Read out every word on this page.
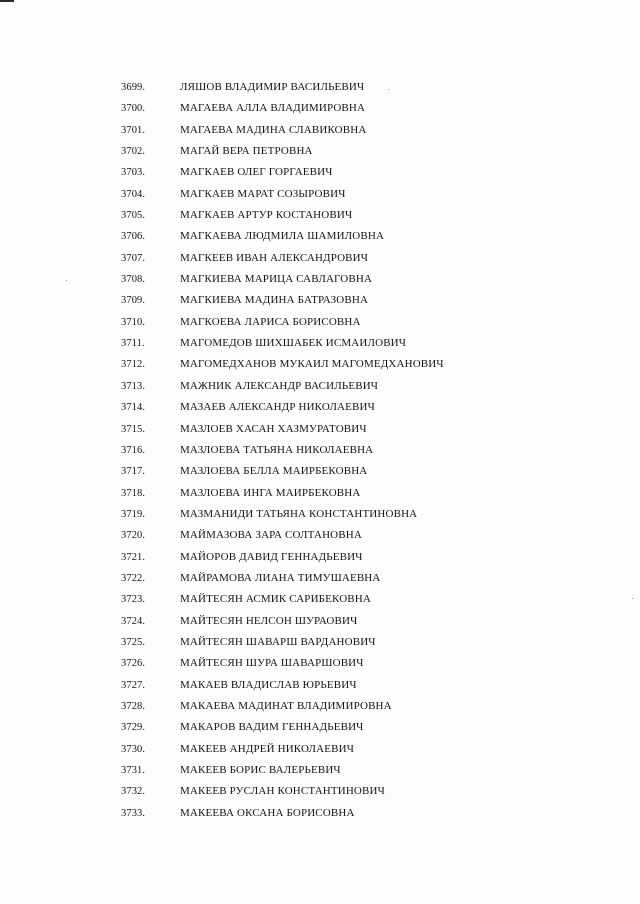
3699.	ЛЯШОВ ВЛАДИМИР ВАСИЛЬЕВИЧ
3700.	МАГАЕВА АЛЛА ВЛАДИМИРОВНА
3701.	МАГАЕВА МАДИНА СЛАВИКОВНА
3702.	МАГАЙ ВЕРА ПЕТРОВНА
3703.	МАГКАЕВ ОЛЕГ ГОРГАЕВИЧ
3704.	МАГКАЕВ МАРАТ СОЗЫРОВИЧ
3705.	МАГКАЕВ АРТУР КОСТАНОВИЧ
3706.	МАГКАЕВА ЛЮДМИЛА ШАМИЛОВНА
3707.	МАГКЕЕВ ИВАН АЛЕКСАНДРОВИЧ
3708.	МАГКИЕВА МАРИЦА САВЛАГОВНА
3709.	МАГКИЕВА МАДИНА БАТРАЗОВНА
3710.	МАГКОЕВА ЛАРИСА БОРИСОВНА
3711.	МАГОМЕДОВ ШИХШАБЕК ИСМАИЛОВИЧ
3712.	МАГОМЕДХАНОВ МУКАИЛ МАГОМЕДХАНОВИЧ
3713.	МАЖНИК АЛЕКСАНДР ВАСИЛЬЕВИЧ
3714.	МАЗАЕВ АЛЕКСАНДР НИКОЛАЕВИЧ
3715.	МАЗЛОЕВ ХАСАН ХАЗМУРАТОВИЧ
3716.	МАЗЛОЕВА ТАТЬЯНА НИКОЛАЕВНА
3717.	МАЗЛОЕВА БЕЛЛА МАИРБЕКОВНА
3718.	МАЗЛОЕВА ИНГА МАИРБЕКОВНА
3719.	МАЗМАНИДИ ТАТЬЯНА КОНСТАНТИНОВНА
3720.	МАЙМАЗОВА ЗАРА СОЛТАНОВНА
3721.	МАЙОРОВ ДАВИД ГЕННАДЬЕВИЧ
3722.	МАЙРАМОВА ЛИАНА ТИМУШАЕВНА
3723.	МАЙТЕСЯН АСМИК САРИБЕКОВНА
3724.	МАЙТЕСЯН НЕЛСОН ШУРАОВИЧ
3725.	МАЙТЕСЯН ШАВАРШ ВАРДАНОВИЧ
3726.	МАЙТЕСЯН ШУРА ШАВАРШОВИЧ
3727.	МАКАЕВ ВЛАДИСЛАВ ЮРЬЕВИЧ
3728.	МАКАЕВА МАДИНАТ ВЛАДИМИРОВНА
3729.	МАКАРОВ ВАДИМ ГЕННАДЬЕВИЧ
3730.	МАКЕЕВ АНДРЕЙ НИКОЛАЕВИЧ
3731.	МАКЕЕВ БОРИС ВАЛЕРЬЕВИЧ
3732.	МАКЕЕВ РУСЛАН КОНСТАНТИНОВИЧ
3733.	МАКЕЕВА ОКСАНА БОРИСОВНА
